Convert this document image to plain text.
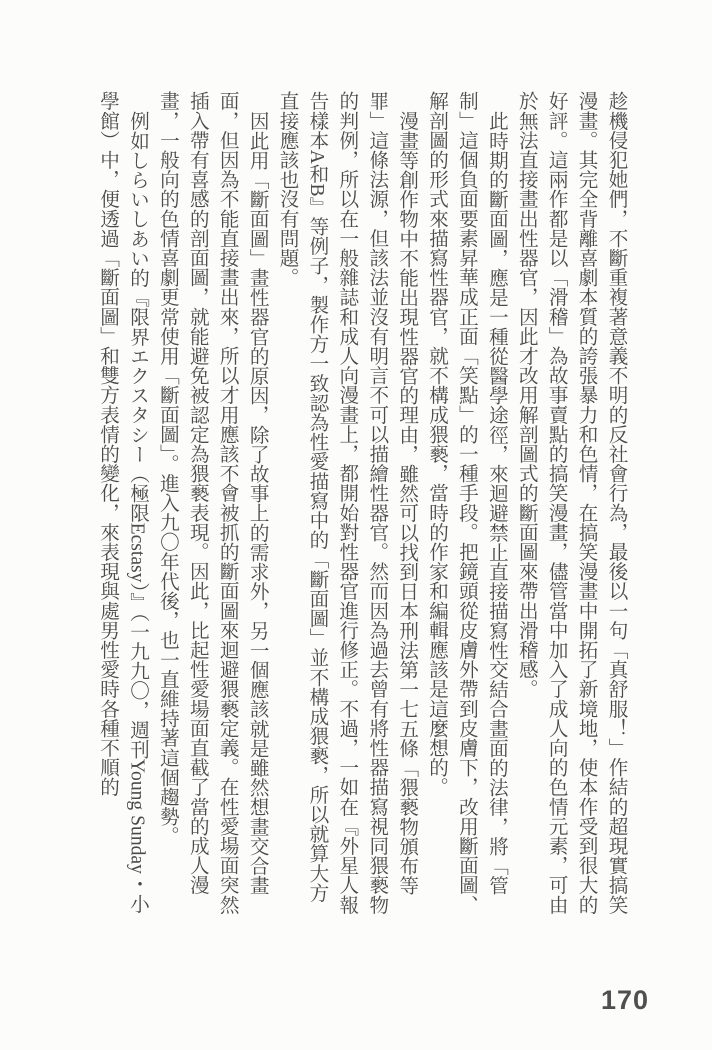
趁機侵犯她們，不斷重複著意義不明的反社會行為，最後以一句「真舒服！」作結的超現實搞笑漫畫。其完全背離喜劇本質的誇張暴力和色情，在搞笑漫畫中開拓了新境地，使本作受到很大的好評。這兩作都是以「滑稽」為故事賣點的搞笑漫畫，儘管當中加入了成人向的色情元素，可由於無法直接畫出性器官，因此才改用解剖圖式的斷面圖來帶出滑稽感。

此時期的斷面圖，應是一種從醫學途徑，來迴避禁止直接描寫性交結合畫面的法律，將「管制」這個負面要素昇華成正面「笑點」的一種手段。把鏡頭從皮膚外帶到皮膚下，改用斷面圖、解剖圖的形式來描寫性器官，就不構成猥褻，當時的作家和編輯應該是這麼想的。

漫畫等創作物中不能出現性器官的理由，雖然可以找到日本刑法第一七五條「猥褻物頒布等罪」這條法源，但該法並沒有明言不可以描繪性器官。然而因為過去曾有將性器描寫視同猥褻物的判例，所以在一般雜誌和成人向漫畫上，都開始對性器官進行修正。不過，一如在『外星人報告樣本A和B』等例子，製作方一致認為性愛描寫中的「斷面圖」並不構成猥褻，所以就算大方直接應該也沒有問題。

因此用「斷面圖」畫性器官的原因，除了故事上的需求外，另一個應該就是雖然想畫交合畫面，但因為不能直接畫出來，所以才用應該不會被抓的斷面圖來迴避猥褻定義。在性愛場面突然插入帶有喜感的剖面圖，就能避免被認定為猥褻表現。因此，比起性愛場面直截了當的成人漫畫，一般向的色情喜劇更常使用「斷面圖」。進入九〇年代後，也一直維持著這個趨勢。

例如しらいしあい的『限界エクスタシー（極限Ecstasy）』（一九九〇，週刊Young Sunday・小學館）中，便透過「斷面圖」和雙方表情的變化，來表現與處男性愛時各種不順的

170
